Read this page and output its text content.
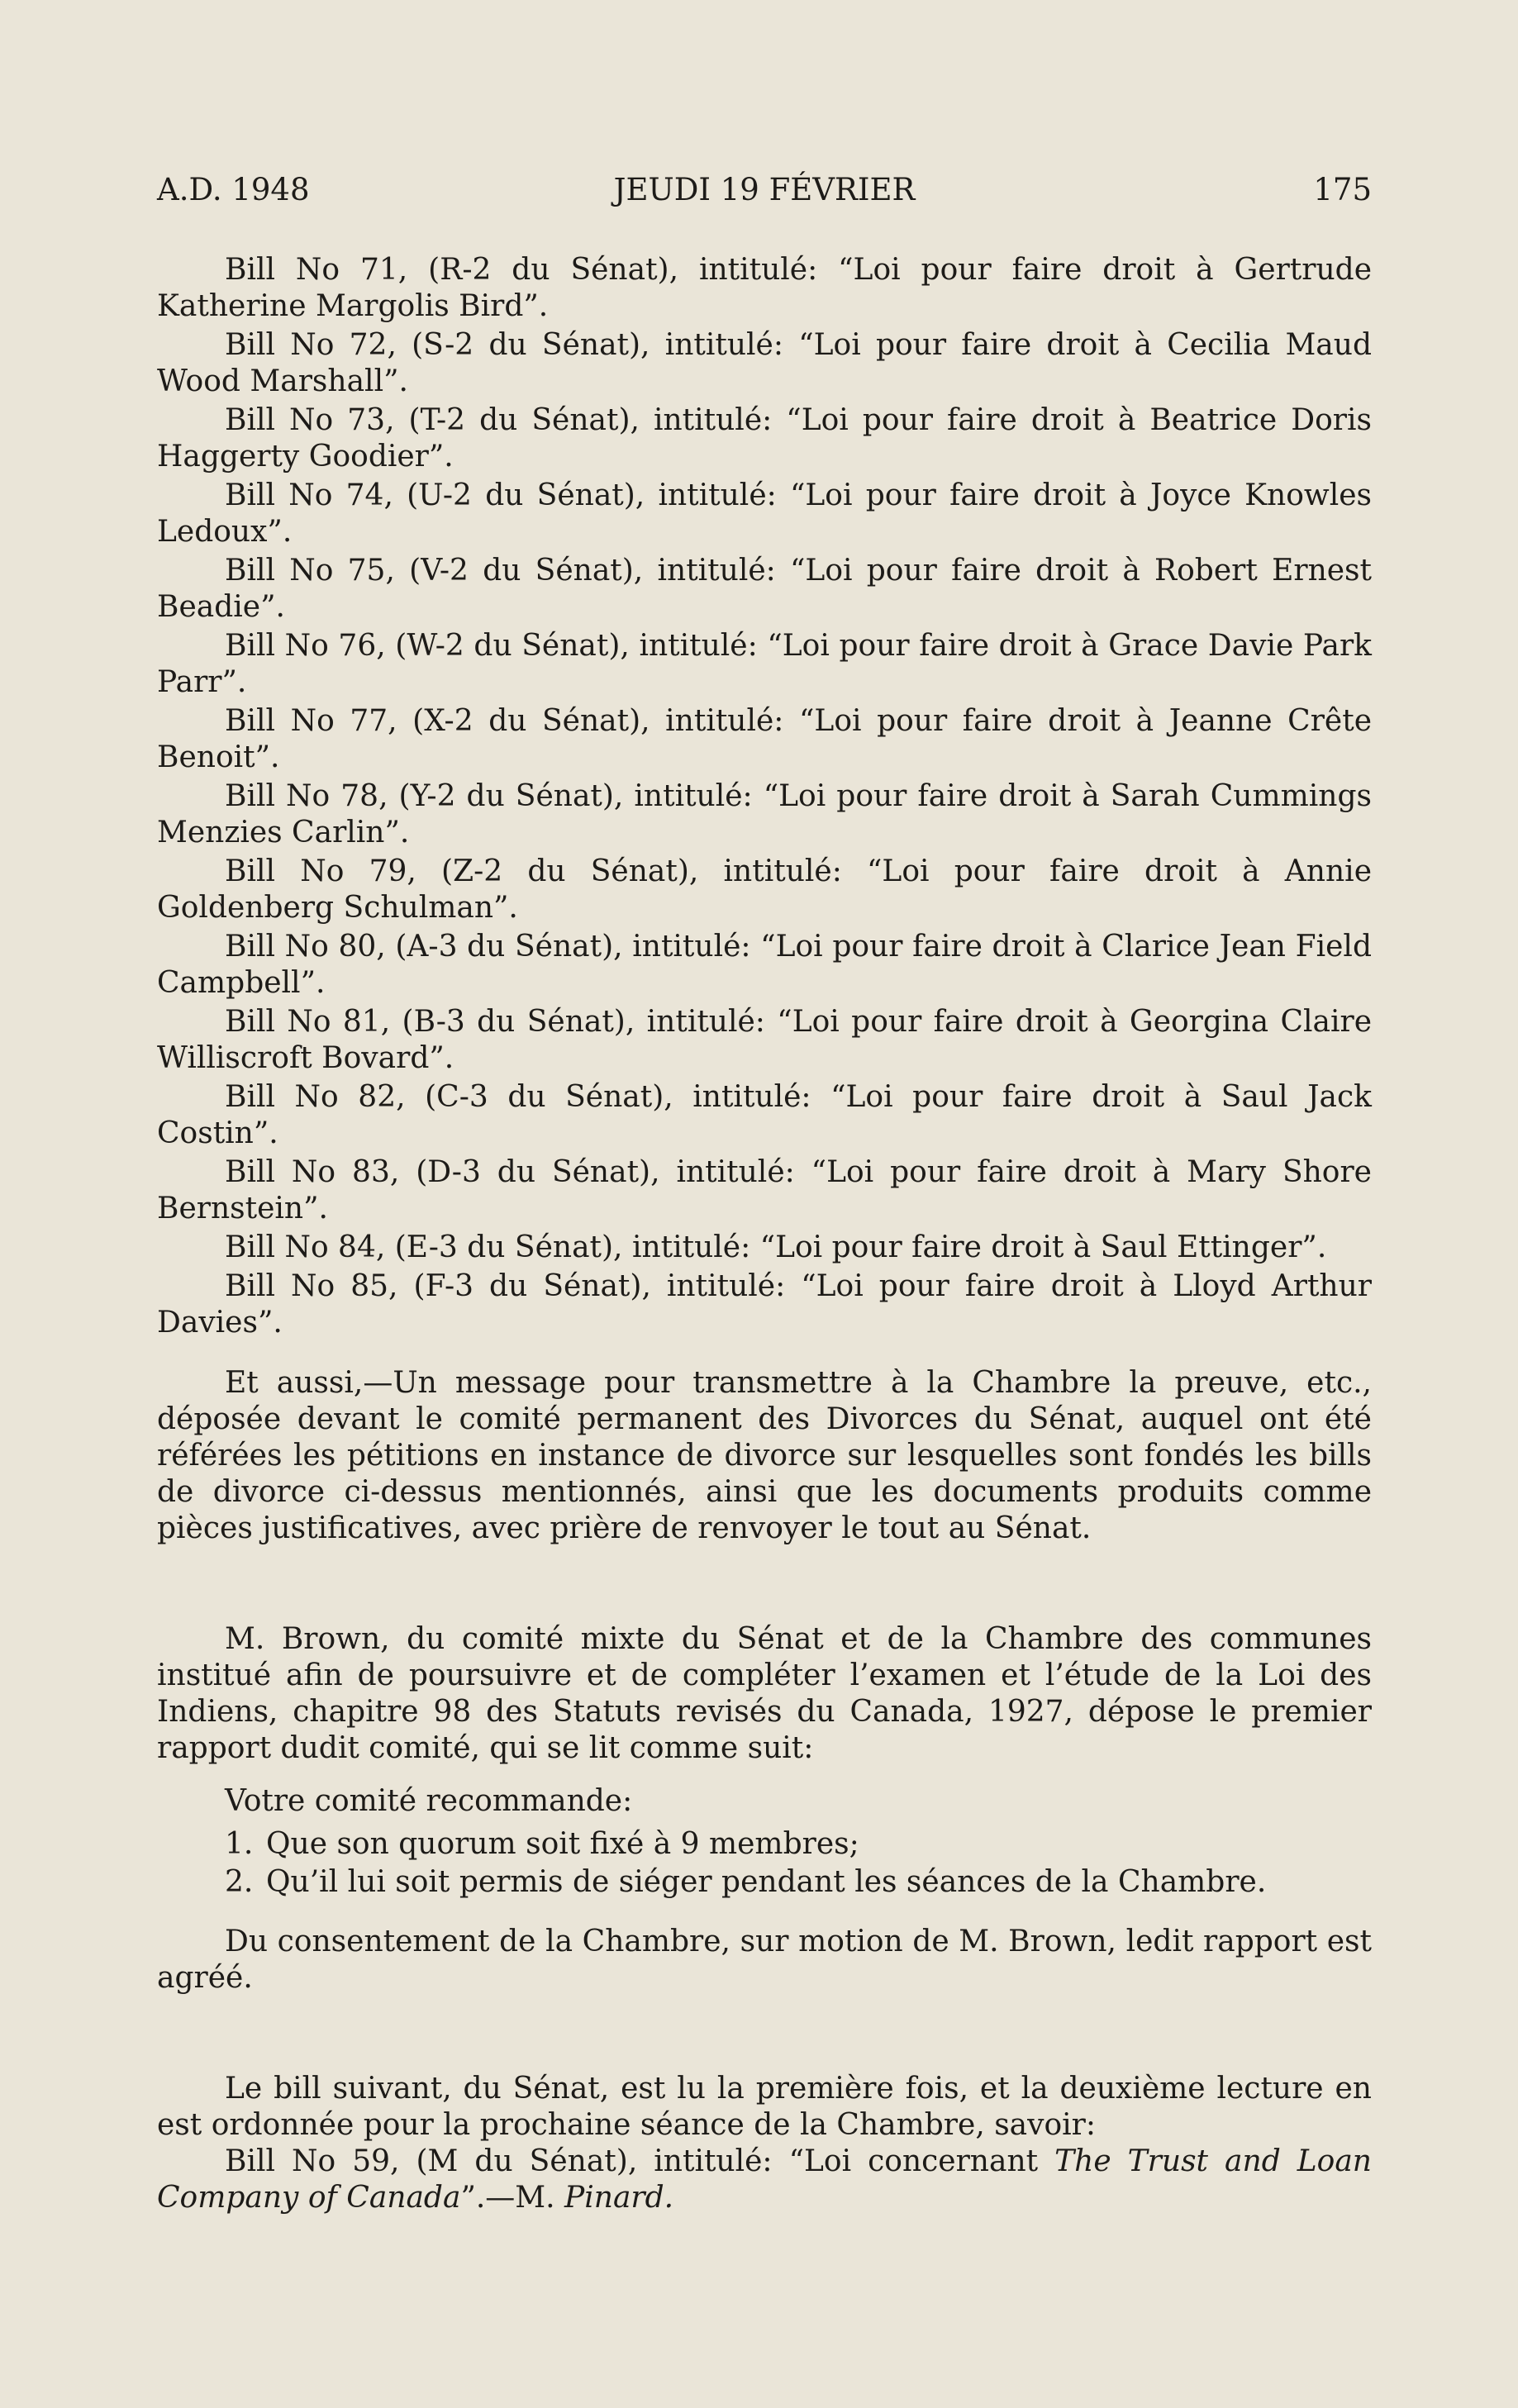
A.D. 1948	JEUDI 19 FÉVRIER	175

Bill No 71, (R-2 du Sénat), intitulé: “Loi pour faire droit à Gertrude Katherine Margolis Bird”.

Bill No 72, (S-2 du Sénat), intitulé: “Loi pour faire droit à Cecilia Maud Wood Marshall”.

Bill No 73, (T-2 du Sénat), intitulé: “Loi pour faire droit à Beatrice Doris Haggerty Goodier”.

Bill No 74, (U-2 du Sénat), intitulé: “Loi pour faire droit à Joyce Knowles Ledoux”.

Bill No 75, (V-2 du Sénat), intitulé: “Loi pour faire droit à Robert Ernest Beadie”.

Bill No 76, (W-2 du Sénat), intitulé: “Loi pour faire droit à Grace Davie Park Parr”.

Bill No 77, (X-2 du Sénat), intitulé: “Loi pour faire droit à Jeanne Crête Benoit”.

Bill No 78, (Y-2 du Sénat), intitulé: “Loi pour faire droit à Sarah Cummings Menzies Carlin”.

Bill No 79, (Z-2 du Sénat), intitulé: “Loi pour faire droit à Annie Goldenberg Schulman”.

Bill No 80, (A-3 du Sénat), intitulé: “Loi pour faire droit à Clarice Jean Field Campbell”.

Bill No 81, (B-3 du Sénat), intitulé: “Loi pour faire droit à Georgina Claire Williscroft Bovard”.

Bill No 82, (C-3 du Sénat), intitulé: “Loi pour faire droit à Saul Jack Costin”.

Bill No 83, (D-3 du Sénat), intitulé: “Loi pour faire droit à Mary Shore Bernstein”.

Bill No 84, (E-3 du Sénat), intitulé: “Loi pour faire droit à Saul Ettinger”.

Bill No 85, (F-3 du Sénat), intitulé: “Loi pour faire droit à Lloyd Arthur Davies”.

Et aussi,—Un message pour transmettre à la Chambre la preuve, etc., déposée devant le comité permanent des Divorces du Sénat, auquel ont été référées les pétitions en instance de divorce sur lesquelles sont fondés les bills de divorce ci-dessus mentionnés, ainsi que les documents produits comme pièces justificatives, avec prière de renvoyer le tout au Sénat.

M. Brown, du comité mixte du Sénat et de la Chambre des communes institué afin de poursuivre et de compléter l’examen et l’étude de la Loi des Indiens, chapitre 98 des Statuts revisés du Canada, 1927, dépose le premier rapport dudit comité, qui se lit comme suit:

Votre comité recommande:

1. Que son quorum soit fixé à 9 membres;

2. Qu’il lui soit permis de siéger pendant les séances de la Chambre.

Du consentement de la Chambre, sur motion de M. Brown, ledit rapport est agréé.

Le bill suivant, du Sénat, est lu la première fois, et la deuxième lecture en est ordonnée pour la prochaine séance de la Chambre, savoir:

Bill No 59, (M du Sénat), intitulé: “Loi concernant The Trust and Loan Company of Canada”.—M. Pinard.
